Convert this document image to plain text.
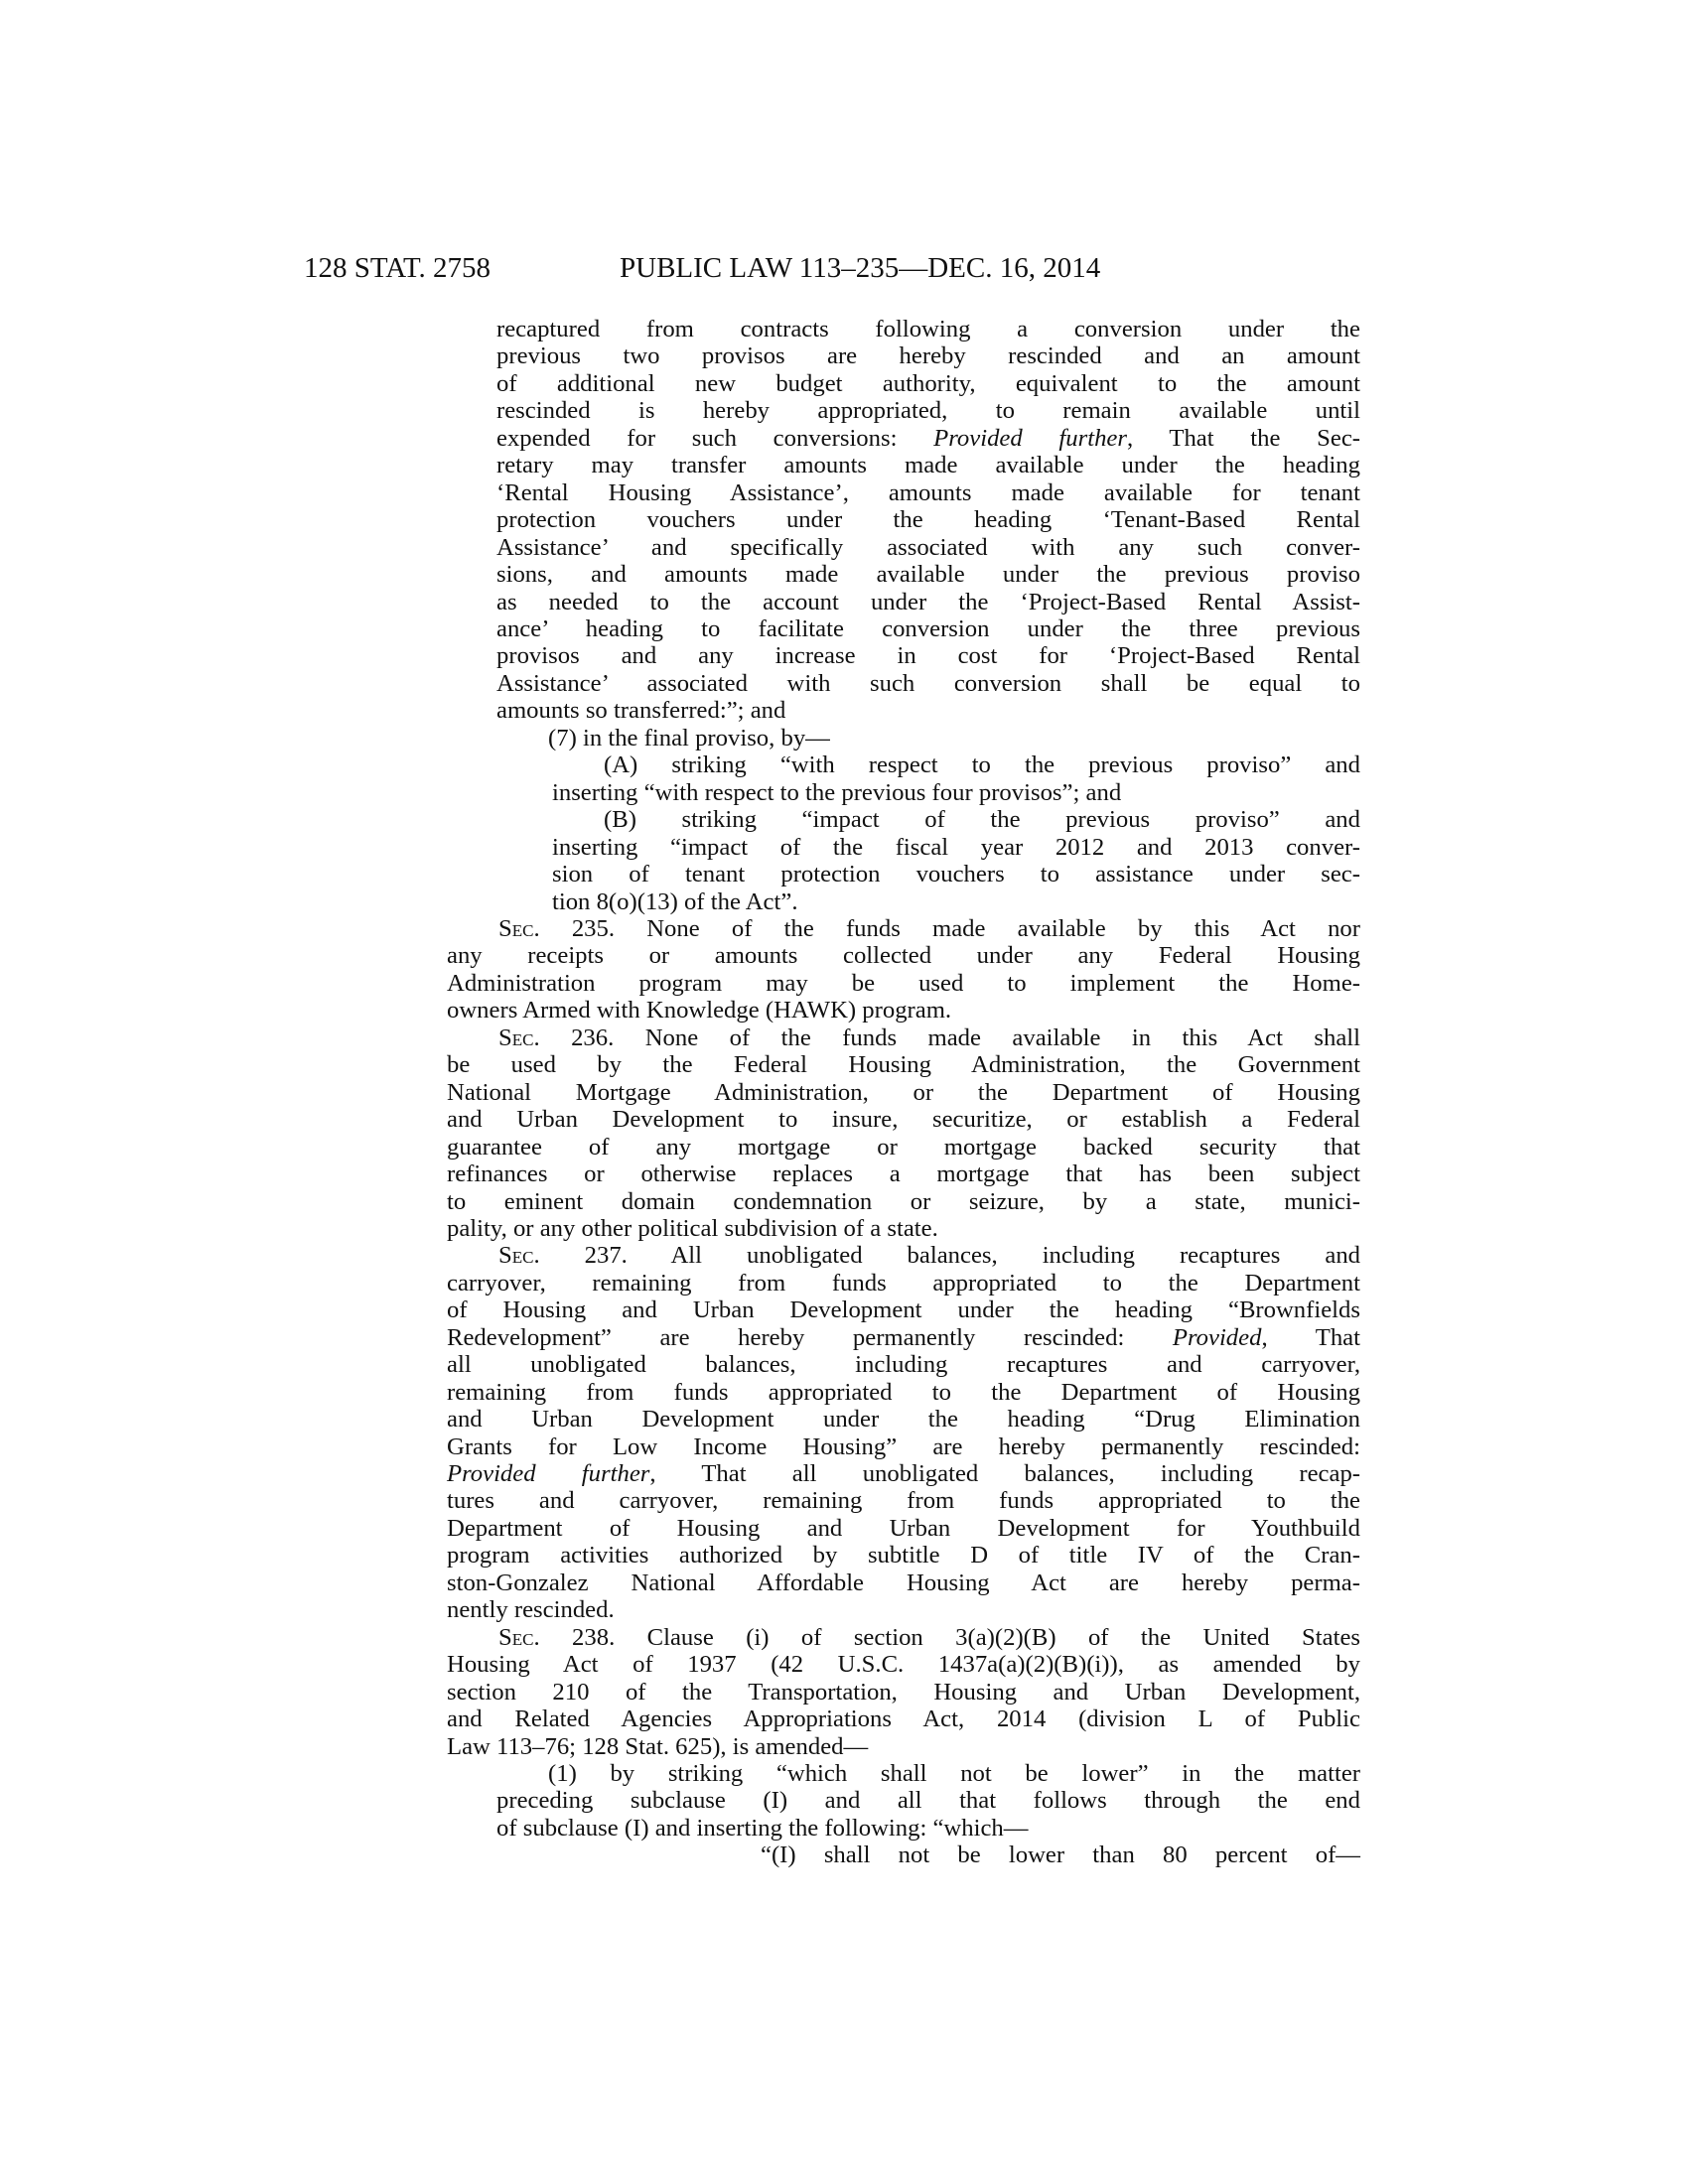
128 STAT. 2758	PUBLIC LAW 113–235—DEC. 16, 2014
recaptured from contracts following a conversion under the
previous two provisos are hereby rescinded and an amount
of additional new budget authority, equivalent to the amount
rescinded is hereby appropriated, to remain available until
expended for such conversions: Provided further, That the Sec-
retary may transfer amounts made available under the heading
‘Rental Housing Assistance’, amounts made available for tenant
protection vouchers under the heading ‘Tenant-Based Rental
Assistance’ and specifically associated with any such conver-
sions, and amounts made available under the previous proviso
as needed to the account under the ‘Project-Based Rental Assist-
ance’ heading to facilitate conversion under the three previous
provisos and any increase in cost for ‘Project-Based Rental
Assistance’ associated with such conversion shall be equal to
amounts so transferred:”; and
(7) in the final proviso, by—
(A) striking “with respect to the previous proviso” and
inserting “with respect to the previous four provisos”; and
(B) striking “impact of the previous proviso” and
inserting “impact of the fiscal year 2012 and 2013 conver-
sion of tenant protection vouchers to assistance under sec-
tion 8(o)(13) of the Act”.
Sec. 235. None of the funds made available by this Act nor
any receipts or amounts collected under any Federal Housing
Administration program may be used to implement the Home-
owners Armed with Knowledge (HAWK) program.
Sec. 236. None of the funds made available in this Act shall
be used by the Federal Housing Administration, the Government
National Mortgage Administration, or the Department of Housing
and Urban Development to insure, securitize, or establish a Federal
guarantee of any mortgage or mortgage backed security that
refinances or otherwise replaces a mortgage that has been subject
to eminent domain condemnation or seizure, by a state, munici-
pality, or any other political subdivision of a state.
Sec. 237. All unobligated balances, including recaptures and
carryover, remaining from funds appropriated to the Department
of Housing and Urban Development under the heading “Brownfields
Redevelopment” are hereby permanently rescinded: Provided, That
all unobligated balances, including recaptures and carryover,
remaining from funds appropriated to the Department of Housing
and Urban Development under the heading “Drug Elimination
Grants for Low Income Housing” are hereby permanently rescinded:
Provided further, That all unobligated balances, including recap-
tures and carryover, remaining from funds appropriated to the
Department of Housing and Urban Development for Youthbuild
program activities authorized by subtitle D of title IV of the Cran-
ston-Gonzalez National Affordable Housing Act are hereby perma-
nently rescinded.
Sec. 238. Clause (i) of section 3(a)(2)(B) of the United States
Housing Act of 1937 (42 U.S.C. 1437a(a)(2)(B)(i)), as amended by
section 210 of the Transportation, Housing and Urban Development,
and Related Agencies Appropriations Act, 2014 (division L of Public
Law 113–76; 128 Stat. 625), is amended—
(1) by striking “which shall not be lower” in the matter
preceding subclause (I) and all that follows through the end
of subclause (I) and inserting the following: “which—
“(I) shall not be lower than 80 percent of—
